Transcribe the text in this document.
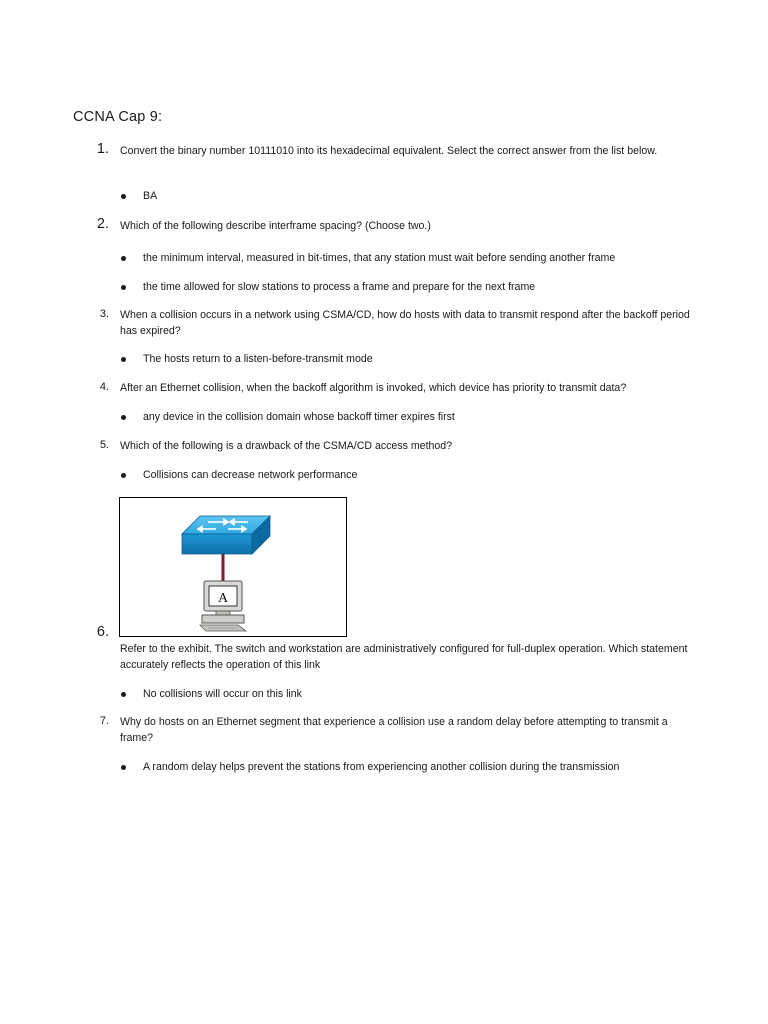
CCNA Cap 9:
1. Convert the binary number 10111010 into its hexadecimal equivalent. Select the correct answer from the list below.
BA
2. Which of the following describe interframe spacing? (Choose two.)
the minimum interval, measured in bit-times, that any station must wait before sending another frame
the time allowed for slow stations to process a frame and prepare for the next frame
3. When a collision occurs in a network using CSMA/CD, how do hosts with data to transmit respond after the backoff period has expired?
The hosts return to a listen-before-transmit mode
4. After an Ethernet collision, when the backoff algorithm is invoked, which device has priority to transmit data?
any device in the collision domain whose backoff timer expires first
5. Which of the following is a drawback of the CSMA/CD access method?
Collisions can decrease network performance
A
6.
Refer to the exhibit. The switch and workstation are administratively configured for full-duplex operation. Which statement accurately reflects the operation of this link
No collisions will occur on this link
7. Why do hosts on an Ethernet segment that experience a collision use a random delay before attempting to transmit a frame?
A random delay helps prevent the stations from experiencing another collision during the transmission
